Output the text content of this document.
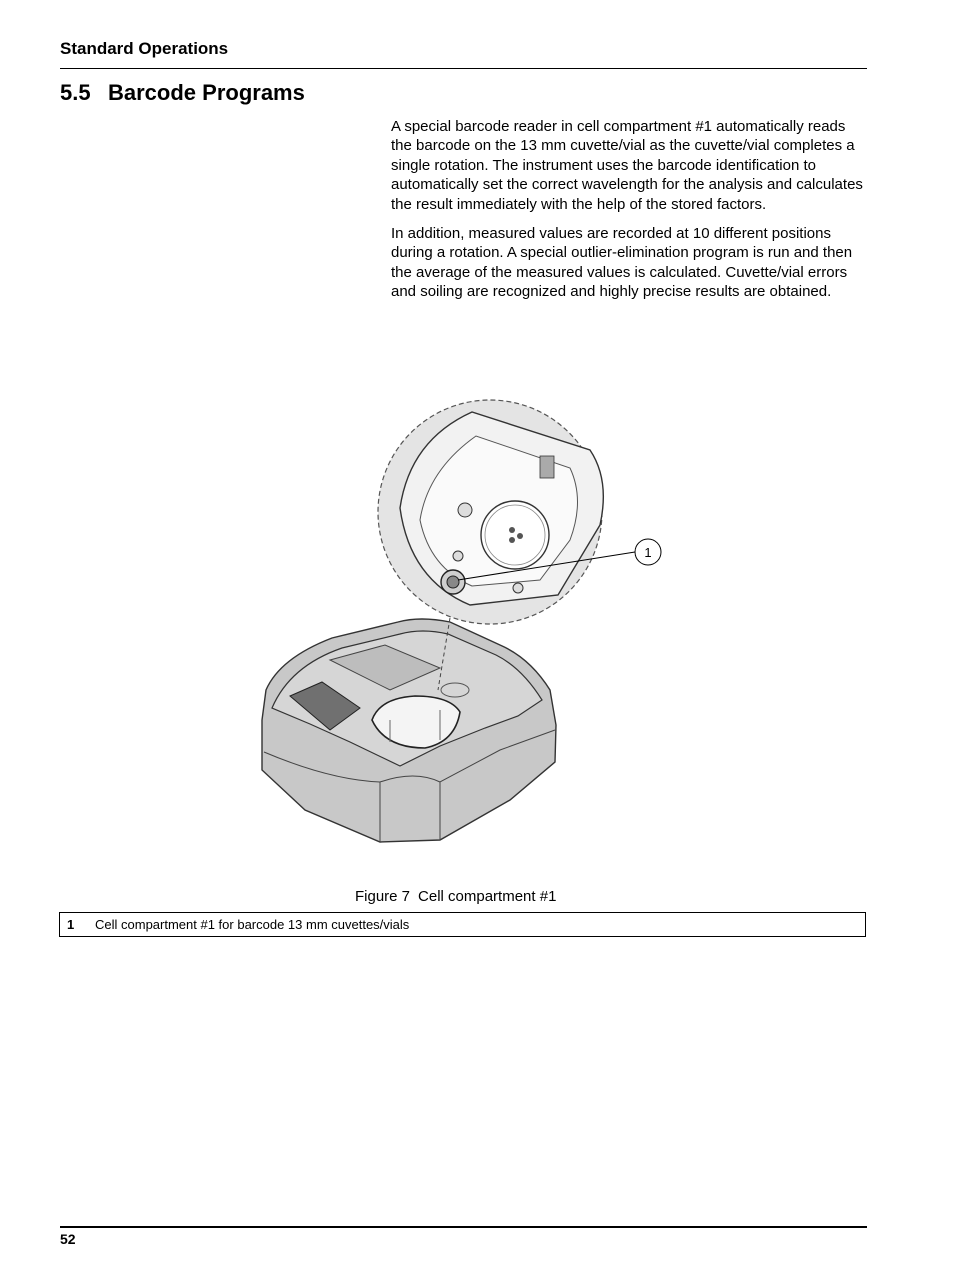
Standard Operations
5.5 Barcode Programs

A special barcode reader in cell compartment #1 automatically reads the barcode on the 13 mm cuvette/vial as the cuvette/vial completes a single rotation. The instrument uses the barcode identification to automatically set the correct wavelength for the analysis and calculates the result immediately with the help of the stored factors.

In addition, measured values are recorded at 10 different positions during a rotation. A special outlier-elimination program is run and then the average of the measured values is calculated. Cuvette/vial errors and soiling are recognized and highly precise results are obtained.

1
Figure 7 Cell compartment #1
1 Cell compartment #1 for barcode 13 mm cuvettes/vials
52
